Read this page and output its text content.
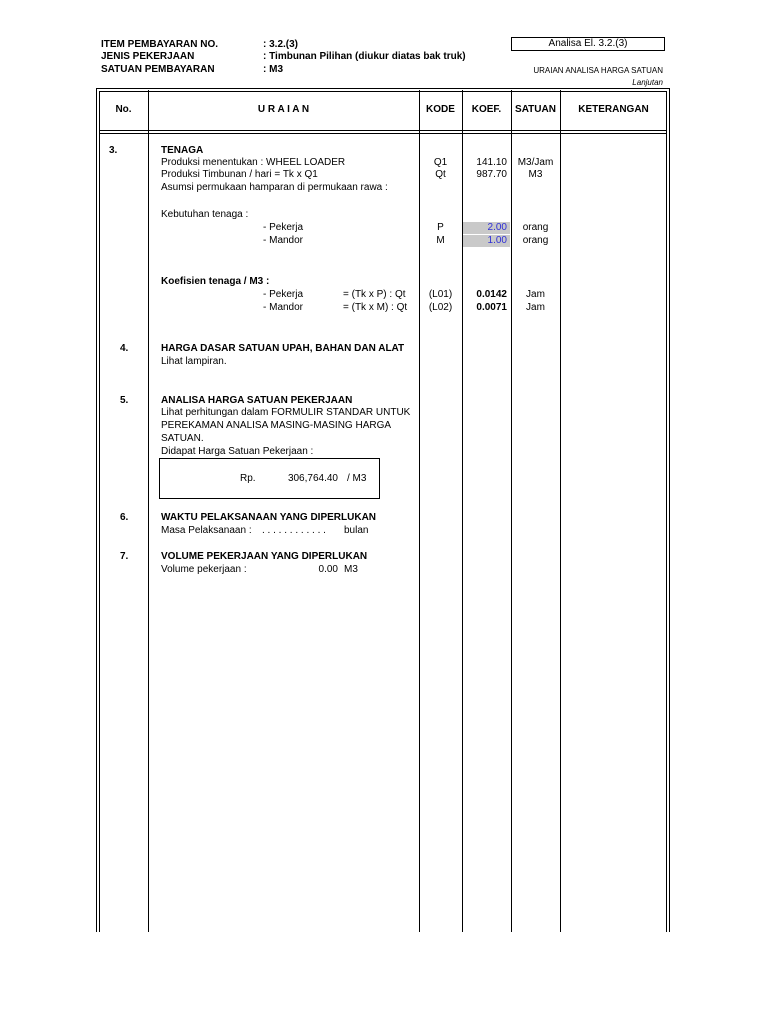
ITEM PEMBAYARAN NO.	: 3.2.(3)
JENIS PEKERJAAN	: Timbunan Pilihan (diukur diatas bak truk)
SATUAN PEMBAYARAN	: M3
Analisa El. 3.2.(3)
URAIAN ANALISA HARGA SATUAN
Lanjutan
No.	U R A I A N	KODE	KOEF.	SATUAN	KETERANGAN
3.	TENAGA
Produksi menentukan : WHEEL LOADER	Q1	141.10	M3/Jam
Produksi Timbunan / hari = Tk x Q1	Qt	987.70	M3
Asumsi permukaan hamparan di permukaan rawa :
Kebutuhan tenaga :
- Pekerja	P	2.00	orang
- Mandor	M	1.00	orang
Koefisien tenaga / M3 :
- Pekerja	= (Tk x P) : Qt	(L01)	0.0142	Jam
- Mandor	= (Tk x M) : Qt	(L02)	0.0071	Jam
4.	HARGA DASAR SATUAN UPAH, BAHAN DAN ALAT
Lihat lampiran.
5.	ANALISA HARGA SATUAN PEKERJAAN
Lihat perhitungan dalam FORMULIR STANDAR UNTUK
PEREKAMAN ANALISA MASING-MASING HARGA
SATUAN.
Didapat Harga Satuan Pekerjaan :
Rp.	306,764.40 / M3
6.	WAKTU PELAKSANAAN YANG DIPERLUKAN
Masa Pelaksanaan : . . . . . . . . . . . . bulan
7.	VOLUME PEKERJAAN YANG DIPERLUKAN
Volume pekerjaan :	0.00 M3
